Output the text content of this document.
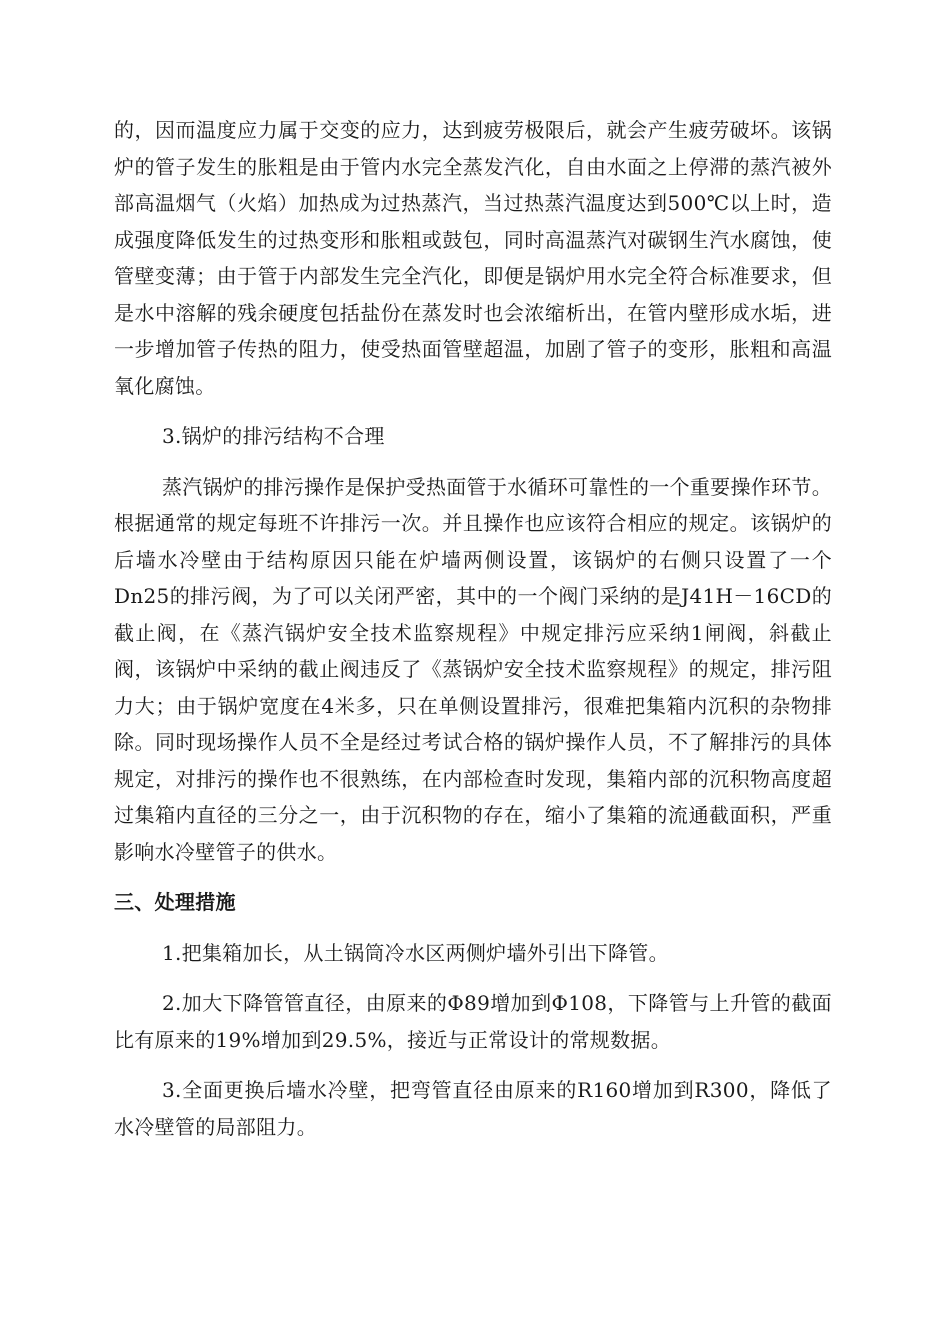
的，因而温度应力属于交变的应力，达到疲劳极限后，就会产生疲劳破坏。该锅炉的管子发生的胀粗是由于管内水完全蒸发汽化，自由水面之上停滞的蒸汽被外部高温烟气（火焰）加热成为过热蒸汽，当过热蒸汽温度达到500℃以上时，造成强度降低发生的过热变形和胀粗或鼓包，同时高温蒸汽对碳钢生汽水腐蚀，使管壁变薄；由于管于内部发生完全汽化，即便是锅炉用水完全符合标准要求，但是水中溶解的残余硬度包括盐份在蒸发时也会浓缩析出，在管内壁形成水垢，进一步增加管子传热的阻力，使受热面管壁超温，加剧了管子的变形，胀粗和高温氧化腐蚀。

3.锅炉的排污结构不合理

蒸汽锅炉的排污操作是保护受热面管于水循环可靠性的一个重要操作环节。根据通常的规定每班不许排污一次。并且操作也应该符合相应的规定。该锅炉的后墙水冷壁由于结构原因只能在炉墙两侧设置，该锅炉的右侧只设置了一个Dn25的排污阀，为了可以关闭严密，其中的一个阀门采纳的是J41H－16CD的截止阀，在《蒸汽锅炉安全技术监察规程》中规定排污应采纳1闸阀，斜截止阀，该锅炉中采纳的截止阀违反了《蒸锅炉安全技术监察规程》的规定，排污阻力大；由于锅炉宽度在4米多，只在单侧设置排污，很难把集箱内沉积的杂物排除。同时现场操作人员不全是经过考试合格的锅炉操作人员，不了解排污的具体规定，对排污的操作也不很熟练，在内部检查时发现，集箱内部的沉积物高度超过集箱内直径的三分之一，由于沉积物的存在，缩小了集箱的流通截面积，严重影响水冷壁管子的供水。

三、处理措施

1.把集箱加长，从土锅筒冷水区两侧炉墙外引出下降管。

2.加大下降管管直径，由原来的Φ89增加到Φ108，下降管与上升管的截面比有原来的19%增加到29.5%，接近与正常设计的常规数据。

3.全面更换后墙水冷壁，把弯管直径由原来的R160增加到R300，降低了水冷壁管的局部阻力。
